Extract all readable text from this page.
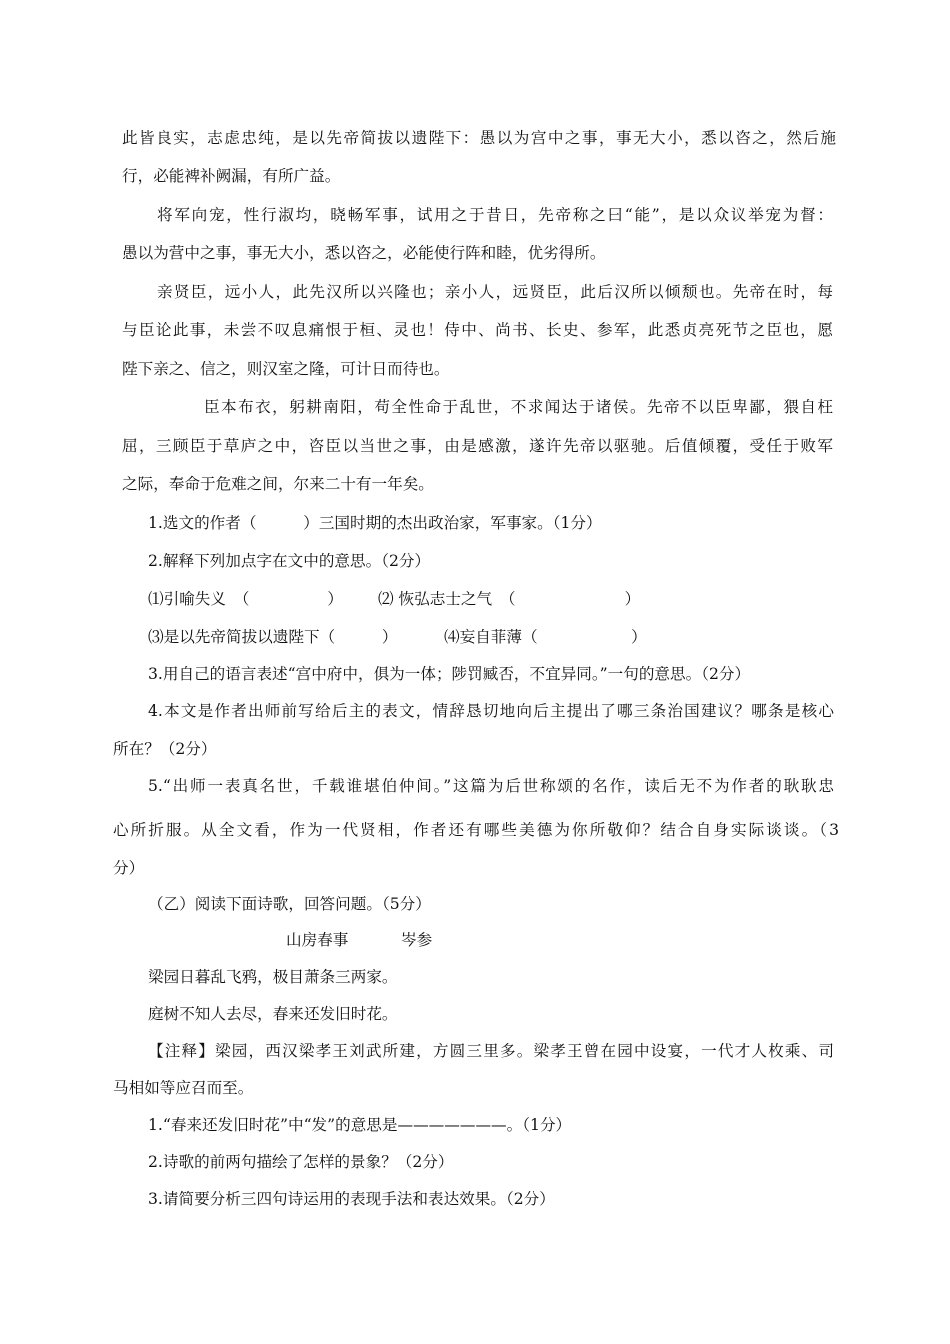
此皆良实，志虑忠纯，是以先帝简拔以遗陛下：愚以为宫中之事，事无大小，悉以咨之，然后施
行，必能裨补阙漏，有所广益。
将军向宠，性行淑均，晓畅军事，试用之于昔日，先帝称之曰“能”，是以众议举宠为督：
愚以为营中之事，事无大小，悉以咨之，必能使行阵和睦，优劣得所。
亲贤臣，远小人，此先汉所以兴隆也；亲小人，远贤臣，此后汉所以倾颓也。先帝在时，每
与臣论此事，未尝不叹息痛恨于桓、灵也！侍中、尚书、长史、参军，此悉贞亮死节之臣也，愿
陛下亲之、信之，则汉室之隆，可计日而待也。
臣本布衣，躬耕南阳，苟全性命于乱世，不求闻达于诸侯。先帝不以臣卑鄙，猥自枉
屈，三顾臣于草庐之中，咨臣以当世之事，由是感激，遂许先帝以驱驰。后值倾覆，受任于败军
之际，奉命于危难之间，尔来二十有一年矣。
1.选文的作者（　　　）三国时期的杰出政治家，军事家。（1分）
2.解释下列加点字在文中的意思。（2分）
⑴引喻失义　（　　　　　） ⑵ 恢弘志士之气　（　　　　　　　）
⑶是以先帝简拔以遗陛下（　　　）	⑷妄自菲薄（　　　　　　）
3.用自己的语言表述“宫中府中，俱为一体；陟罚臧否，不宜异同。”一句的意思。（2分）
4.本文是作者出师前写给后主的表文，情辞恳切地向后主提出了哪三条治国建议？哪条是核心
所在？（2分）
5.“出师一表真名世，千载谁堪伯仲间。”这篇为后世称颂的名作，读后无不为作者的耿耿忠
心所折服。从全文看，作为一代贤相，作者还有哪些美德为你所敬仰？结合自身实际谈谈。（3
分）
（乙）阅读下面诗歌，回答问题。（5分）
山房春事	岑参
梁园日暮乱飞鸦，极目萧条三两家。
庭树不知人去尽，春来还发旧时花。
【注释】梁园，西汉梁孝王刘武所建，方圆三里多。梁孝王曾在园中设宴，一代才人枚乘、司
马相如等应召而至。
1.“春来还发旧时花”中“发”的意思是———————。（1分）
2.诗歌的前两句描绘了怎样的景象？（2分）
3.请简要分析三四句诗运用的表现手法和表达效果。（2分）
